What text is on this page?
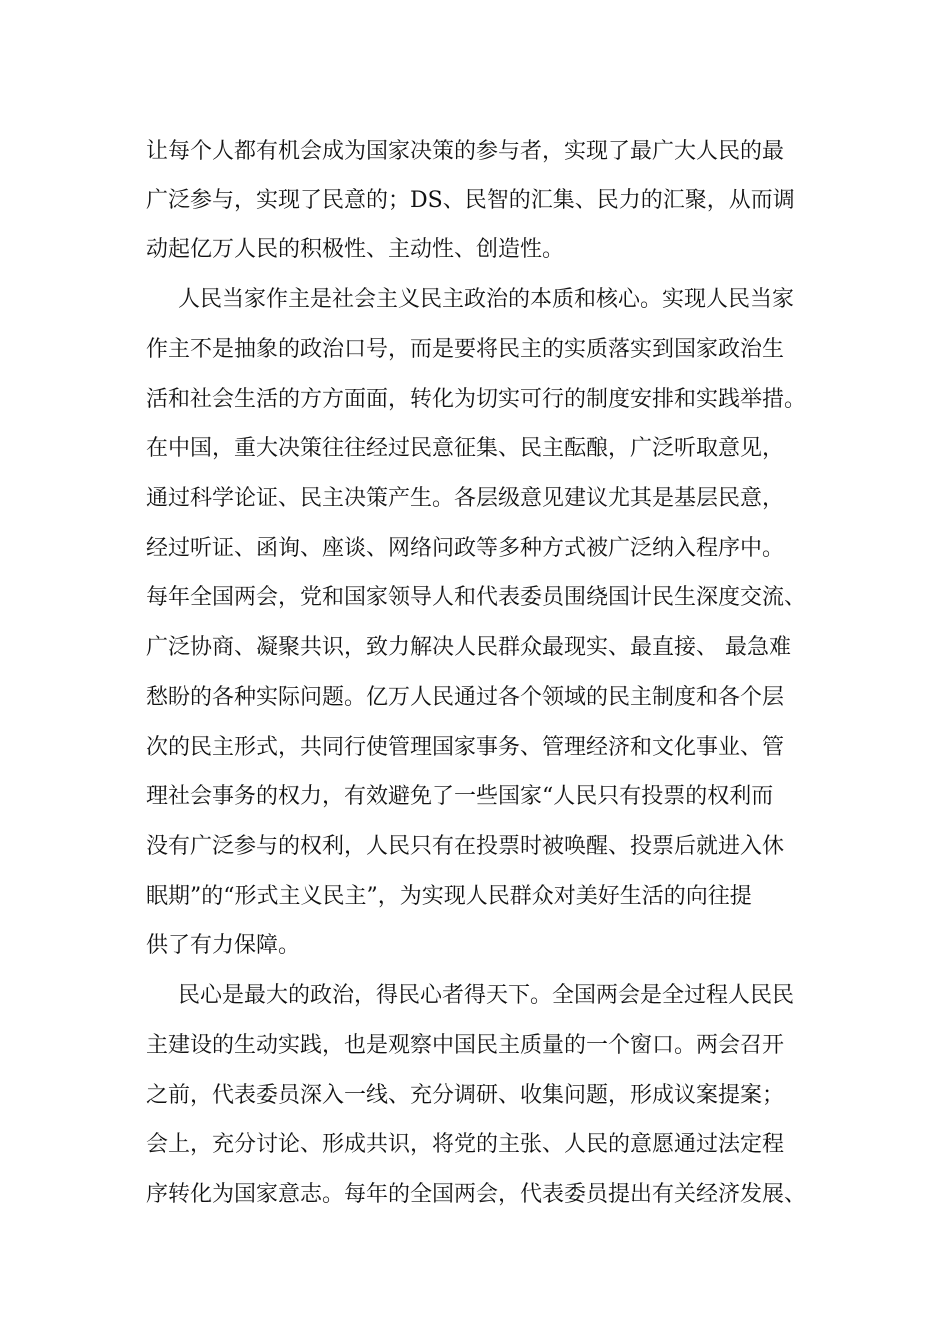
让每个人都有机会成为国家决策的参与者，实现了最广大人民的最
广泛参与，实现了民意的；DS、民智的汇集、民力的汇聚，从而调
动起亿万人民的积极性、主动性、创造性。
人民当家作主是社会主义民主政治的本质和核心。实现人民当家
作主不是抽象的政治口号，而是要将民主的实质落实到国家政治生
活和社会生活的方方面面，转化为切实可行的制度安排和实践举措。
在中国，重大决策往往经过民意征集、民主酝酿，广泛听取意见，
通过科学论证、民主决策产生。各层级意见建议尤其是基层民意，
经过听证、函询、座谈、网络问政等多种方式被广泛纳入程序中。
每年全国两会，党和国家领导人和代表委员围绕国计民生深度交流、
广泛协商、凝聚共识，致力解决人民群众最现实、最直接、 最急难
愁盼的各种实际问题。亿万人民通过各个领域的民主制度和各个层
次的民主形式，共同行使管理国家事务、管理经济和文化事业、管
理社会事务的权力，有效避免了一些国家“人民只有投票的权利而
没有广泛参与的权利，人民只有在投票时被唤醒、投票后就进入休
眠期”的“形式主义民主”，为实现人民群众对美好生活的向往提
供了有力保障。
民心是最大的政治，得民心者得天下。全国两会是全过程人民民
主建设的生动实践，也是观察中国民主质量的一个窗口。两会召开
之前，代表委员深入一线、充分调研、收集问题，形成议案提案；
会上，充分讨论、形成共识，将党的主张、人民的意愿通过法定程
序转化为国家意志。每年的全国两会，代表委员提出有关经济发展、
